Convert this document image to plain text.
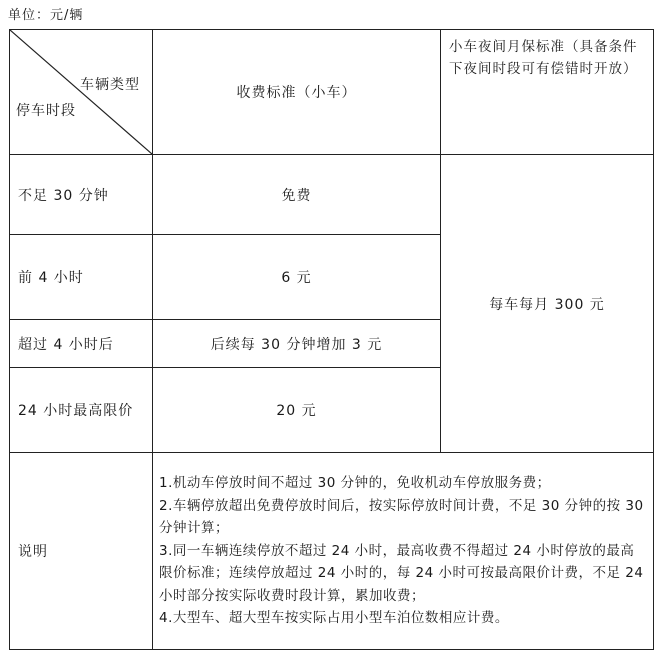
单位：元/辆
车辆类型
停车时段	收费标准（小车）	小车夜间月保标准（具备条件下夜间时段可有偿错时开放）
不足 30 分钟	免费	每车每月 300 元
前 4 小时	6 元	
超过 4 小时后	后续每 30 分钟增加 3 元	
24 小时最高限价	20 元	
说明	1.机动车停放时间不超过 30 分钟的，免收机动车停放服务费；
2.车辆停放超出免费停放时间后，按实际停放时间计费，不足 30 分钟的按 30 分钟计算；
3.同一车辆连续停放不超过 24 小时，最高收费不得超过 24 小时停放的最高限价标准；连续停放超过 24 小时的，每 24 小时可按最高限价计费，不足 24 小时部分按实际收费时段计算，累加收费；
4.大型车、超大型车按实际占用小型车泊位数相应计费。	
